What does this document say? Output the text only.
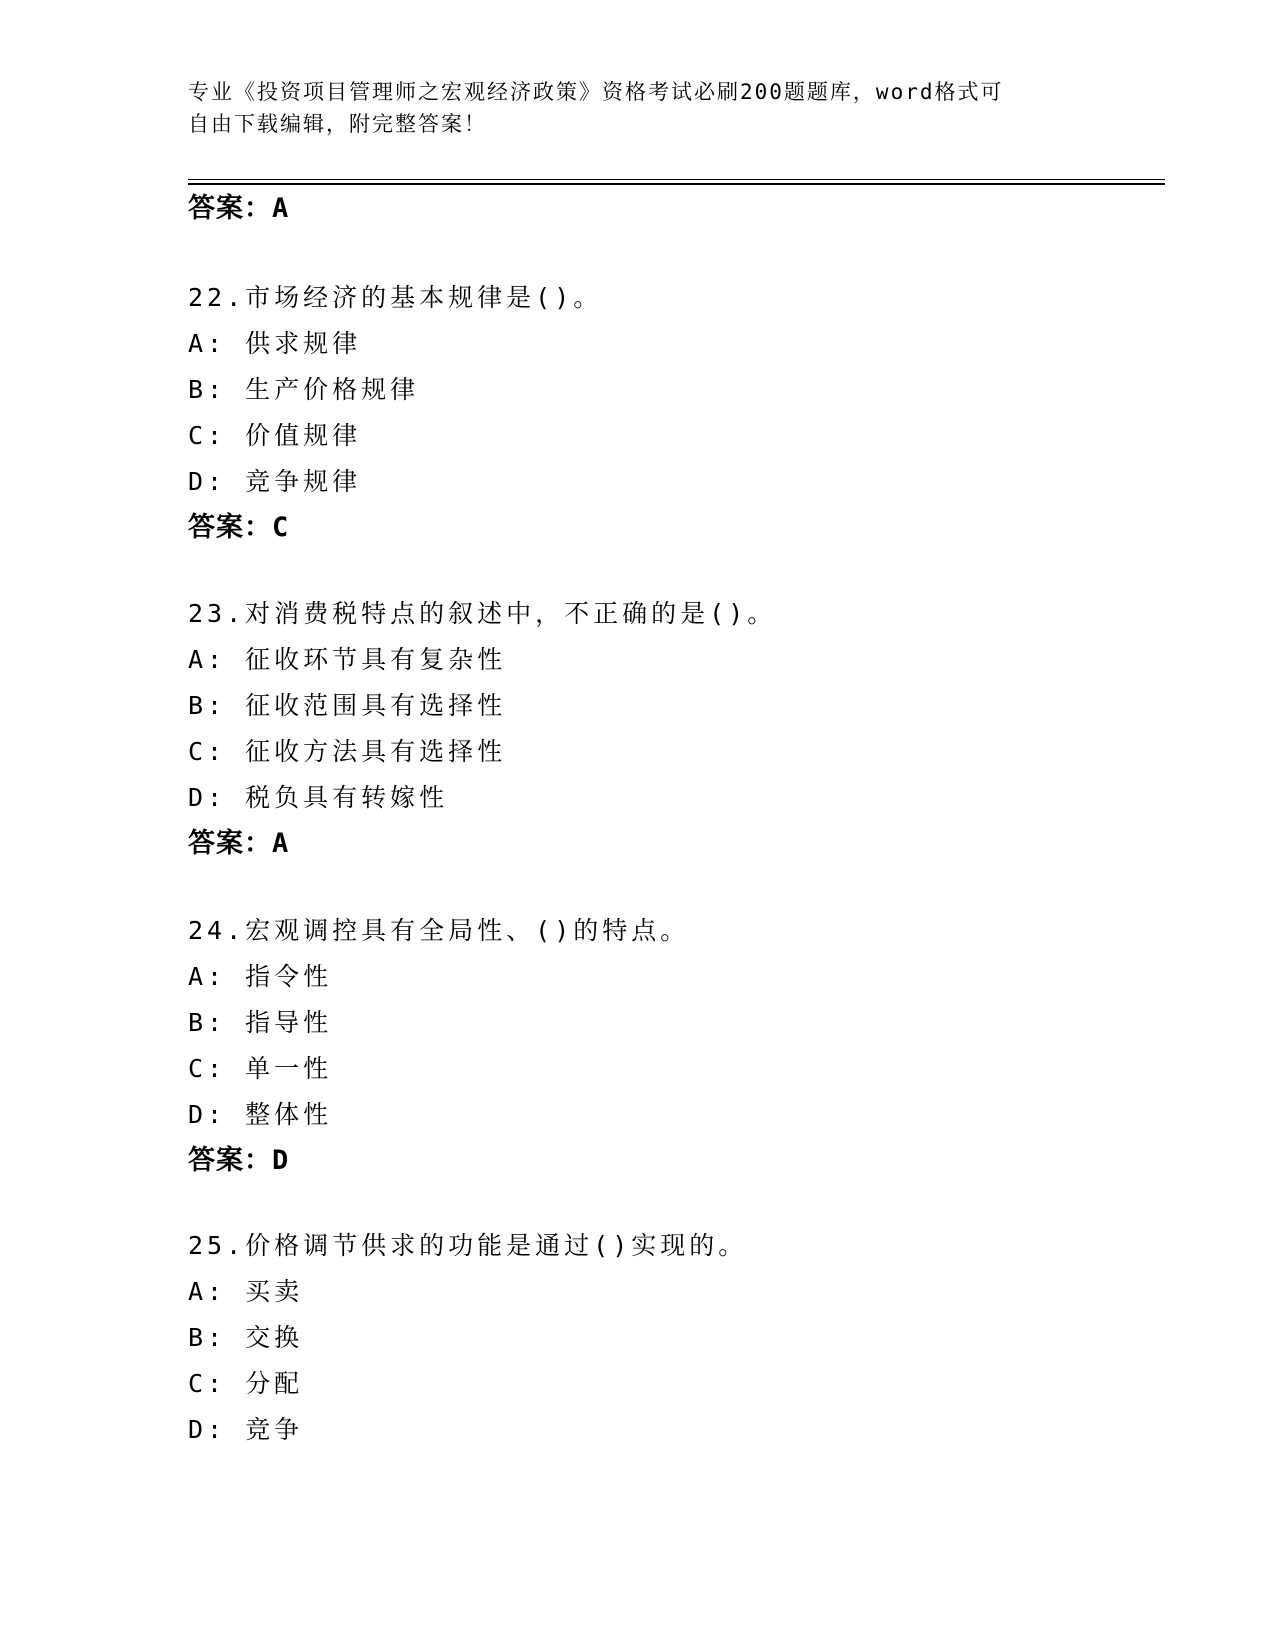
专业《投资项目管理师之宏观经济政策》资格考试必刷200题题库，word格式可
自由下载编辑，附完整答案！
答案：A

22.市场经济的基本规律是()。

A: 供求规律

B: 生产价格规律

C: 价值规律

D: 竞争规律

答案：C

23.对消费税特点的叙述中，不正确的是()。

A: 征收环节具有复杂性

B: 征收范围具有选择性

C: 征收方法具有选择性

D: 税负具有转嫁性

答案：A

24.宏观调控具有全局性、()的特点。

A: 指令性

B: 指导性

C: 单一性

D: 整体性

答案：D

25.价格调节供求的功能是通过()实现的。

A: 买卖

B: 交换

C: 分配

D: 竞争
